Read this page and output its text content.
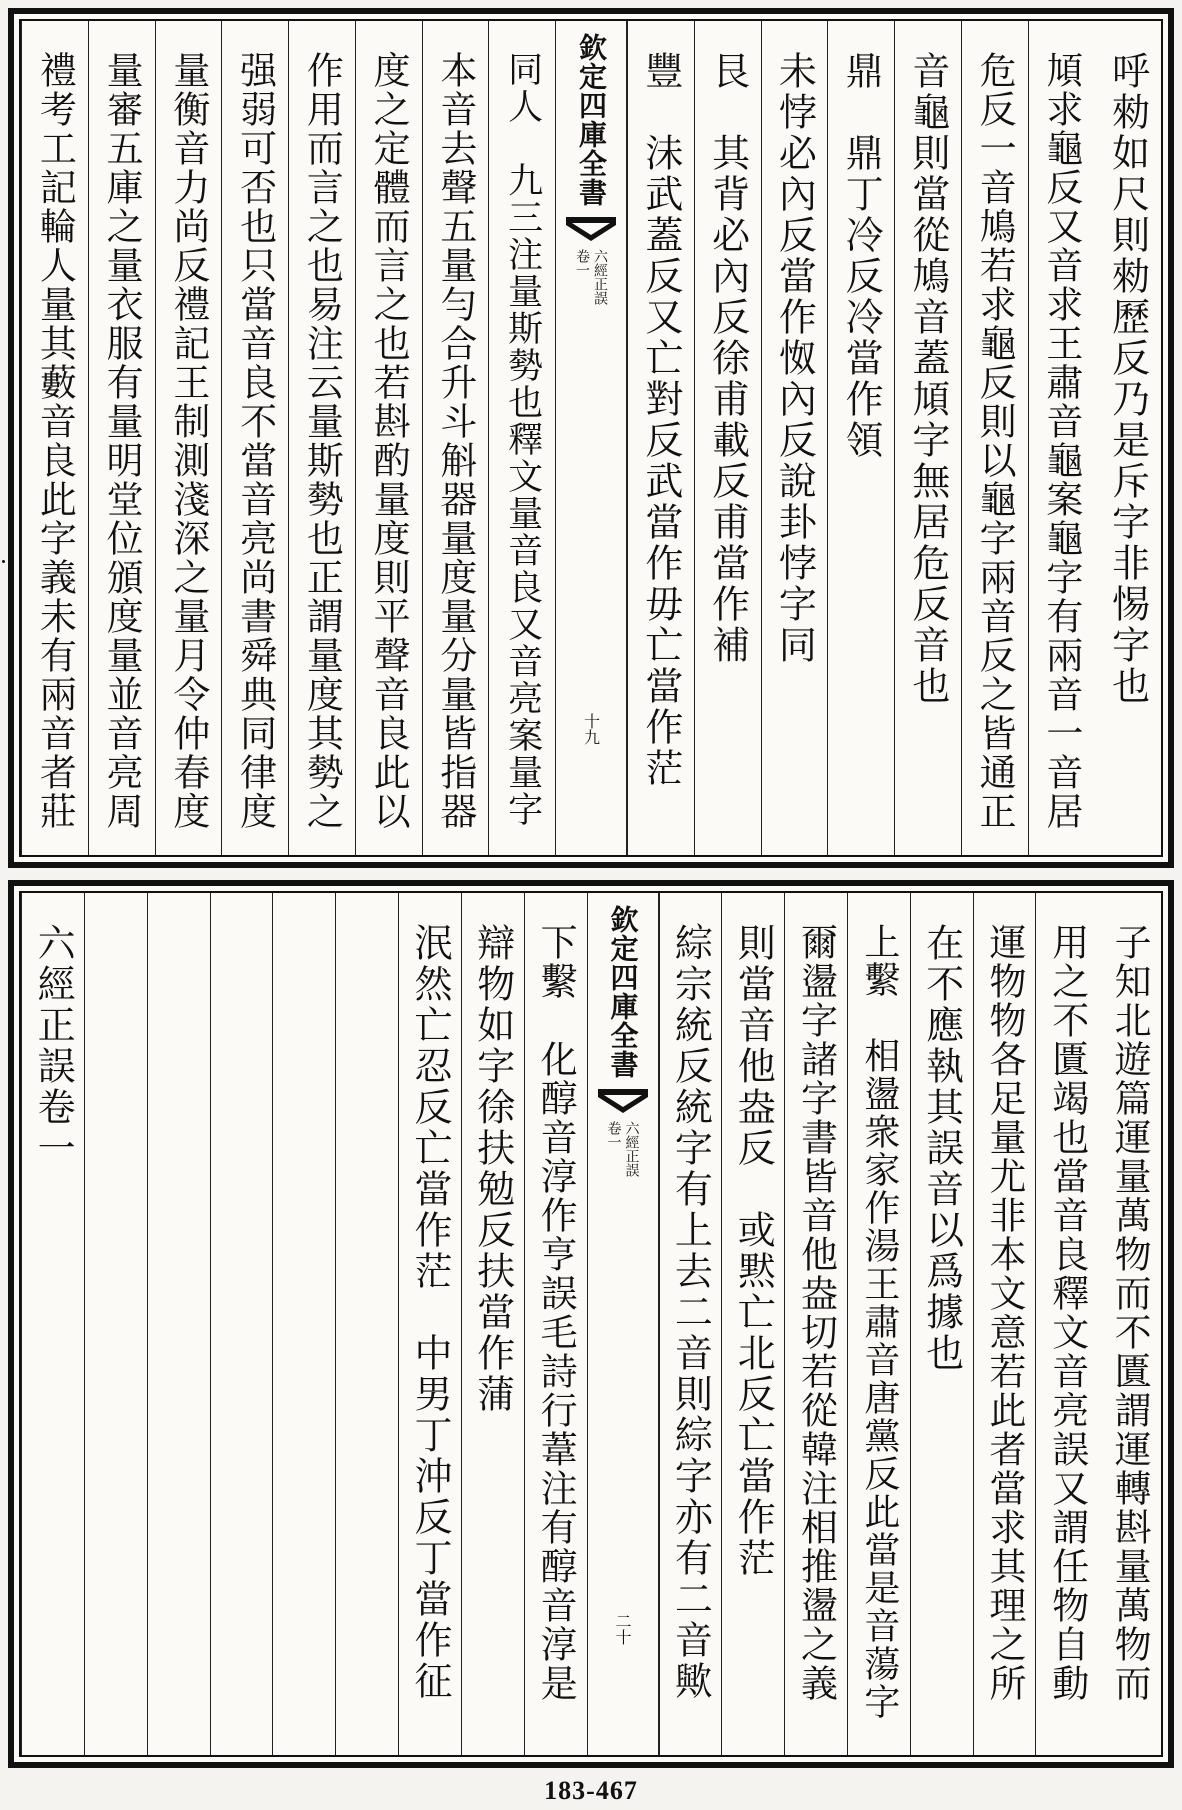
呼勑如尺則勑歷反乃是斥字非惕字也
頄求龜反又音求王肅音龜案龜字有兩音一音居
危反一音鳩若求龜反則以龜字兩音反之皆通正
音龜則當從鳩音蓋頄字無居危反音也
鼎　鼎丁冷反冷當作領
未悖必內反當作怓內反說卦悖字同
艮　其背必內反徐甫載反甫當作補
豐　沬武蓋反又亡對反武當作毋亡當作茫
欽定四庫全書
六經正誤
卷一
十九
同人　九三注量斯勢也釋文量音良又音亮案量字
本音去聲五量勻合升斗斛器量度量分量皆指器
度之定體而言之也若斟酌量度則平聲音良此以
作用而言之也易注云量斯勢也正謂量度其勢之
强弱可否也只當音良不當音亮尚書舜典同律度
量衡音力尚反禮記王制測淺深之量月令仲春度
量審五庫之量衣服有量明堂位頒度量並音亮周
禮考工記輪人量其藪音良此字義未有兩音者莊
子知北遊篇運量萬物而不匱謂運轉斟量萬物而
用之不匱竭也當音良釋文音亮誤又謂任物自動
運物物各足量尤非本文意若此者當求其理之所
在不應執其誤音以爲據也
上繫　相盪衆家作湯王肅音唐黨反此當是音蕩字
爾盪字諸字書皆音他盎切若從韓注相推盪之義
則當音他盎反　或黙亡北反亡當作茫
綜宗統反統字有上去二音則綜字亦有二音歟
欽定四庫全書
六經正誤
卷一
二十
下繫　化醇音淳作亨誤毛詩行葦注有醇音淳是
辯物如字徐扶勉反扶當作蒲
泯然亡忍反亡當作茫　中男丁沖反丁當作征
六經正誤卷一
183-467
